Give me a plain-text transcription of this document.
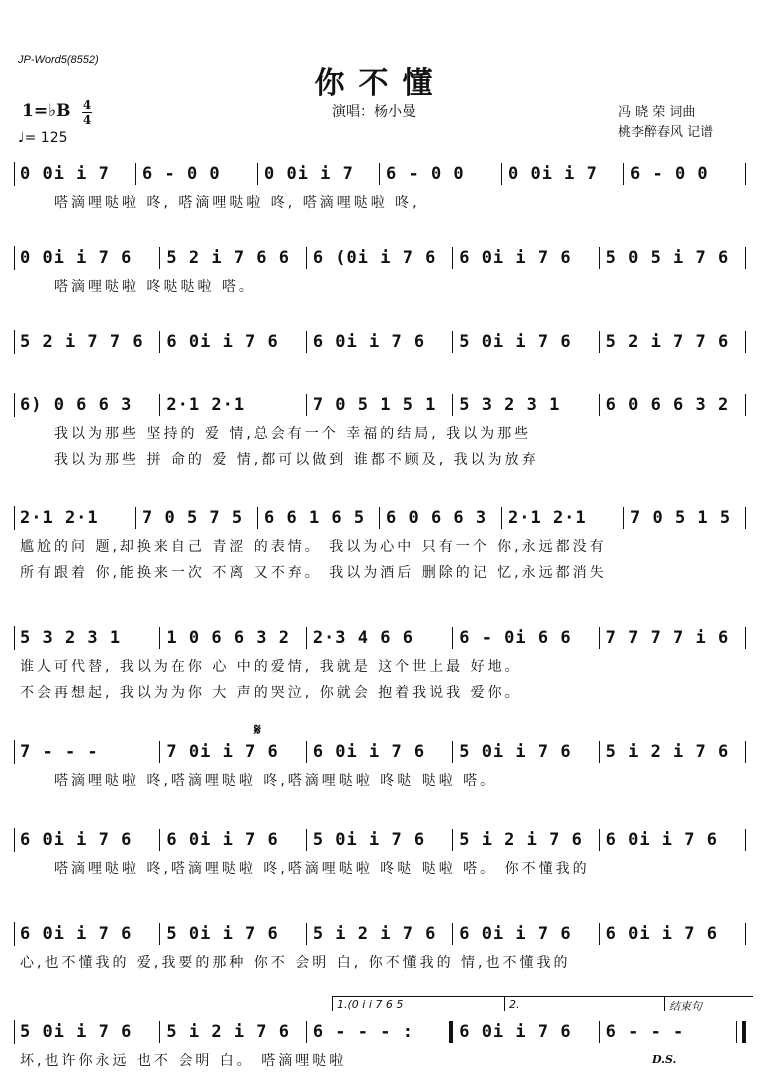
JP-Word5(8552)
你不懂
演唱：杨小曼	冯 晓 荣 词曲
桃李醉春风 记谱
1=♭B 4
4
♩= 125
0 0i i 7	6 - 0 0	0 0i i 7	6 - 0 0	0 0i i 7	6 - 0 0
嗒滴哩哒啦 咚, 嗒滴哩哒啦 咚, 嗒滴哩哒啦 咚,
0 0i i 7 6	5 2 i 7 6 6	6 (0i i 7 6	6 0i i 7 6	5 0 5 i 7 6
嗒滴哩哒啦 咚哒哒啦 嗒。
5 2 i 7 7 6	6 0i i 7 6	6 0i i 7 6	5 0i i 7 6	5 2 i 7 7 6
6) 0 6 6 3	2·1 2·1	7 0 5 1 5 1	5 3 2 3 1	6 0 6 6 3 2
我以为那些 坚持的 爱 情,总会有一个 幸福的结局, 我以为那些
我以为那些 拼 命的 爱 情,都可以做到 谁都不顾及, 我以为放弃
2·1 2·1	7 0 5 7 5	6 6 1 6 5	6 0 6 6 3	2·1 2·1	7 0 5 1 5
尴尬的问 题,却换来自己 青涩 的表情。 我以为心中 只有一个 你,永远都没有
所有跟着 你,能换来一次 不离 又不弃。 我以为酒后 删除的记 忆,永远都消失
5 3 2 3 1	1 0 6 6 3 2	2·3 4 6 6	6 - 0i 6 6	7 7 7 7 i 6
谁人可代替, 我以为在你 心 中的爱情, 我就是 这个世上最 好地。
不会再想起, 我以为为你 大 声的哭泣, 你就会 抱着我说我 爱你。
7 - - -	7 0i i 7 6	6 0i i 7 6	5 0i i 7 6	5 i 2 i 7 6
嗒滴哩哒啦 咚,嗒滴哩哒啦 咚,嗒滴哩哒啦 咚哒 哒啦 嗒。
𝄋
6 0i i 7 6	6 0i i 7 6	5 0i i 7 6	5 i 2 i 7 6	6 0i i 7 6
嗒滴哩哒啦 咚,嗒滴哩哒啦 咚,嗒滴哩哒啦 咚哒 哒啦 嗒。 你不懂我的
6 0i i 7 6	5 0i i 7 6	5 i 2 i 7 6	6 0i i 7 6	6 0i i 7 6
心,也不懂我的 爱,我要的那种 你不 会明 白, 你不懂我的 情,也不懂我的
5 0i i 7 6	5 i 2 i 7 6	6 - - - :	6 0i i 7 6	6 - - -
坏,也许你永远 也不 会明 白。 嗒滴哩哒啦
1.(0 i i 7 6 5	2.	结束句
D.S.
